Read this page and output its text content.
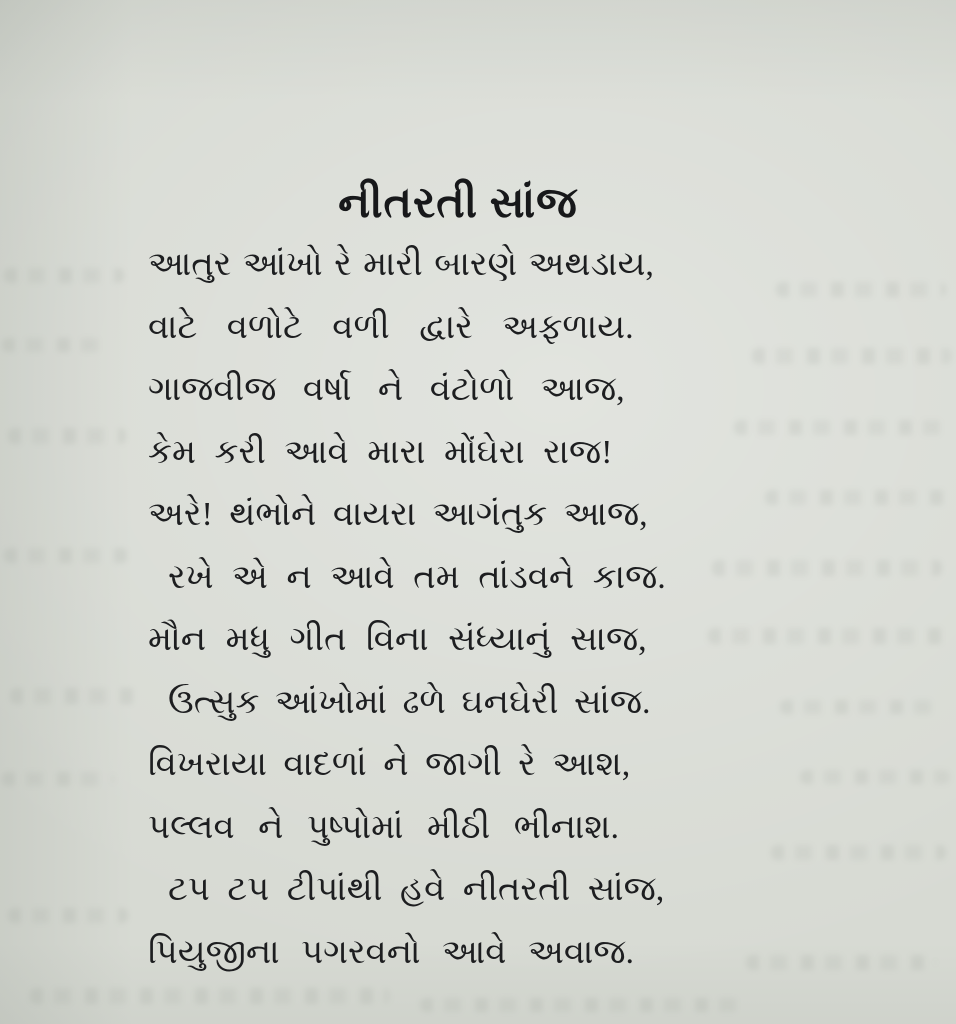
નીતરતી સાંજ
આતુર આંખો રે મારી બારણે અથડાય,
વાટે વળોટે વળી દ્વારે અફળાય.
ગાજવીજ વર્ષા ને વંટોળો આજ,
કેમ કરી આવે મારા મોંઘેરા રાજ!
અરે! થંભોને વાયરા આગંતુક આજ,
રખે એ ન આવે તમ તાંડવને કાજ.
મૌન મધુ ગીત વિના સંધ્યાનું સાજ,
ઉત્સુક આંખોમાં ઢળે ઘનઘેરી સાંજ.
વિખરાયા વાદળાં ને જાગી રે આશ,
પલ્લવ ને પુષ્પોમાં મીઠી ભીનાશ.
ટપ ટપ ટીપાંથી હવે નીતરતી સાંજ,
પિયુજીના પગરવનો આવે અવાજ.
